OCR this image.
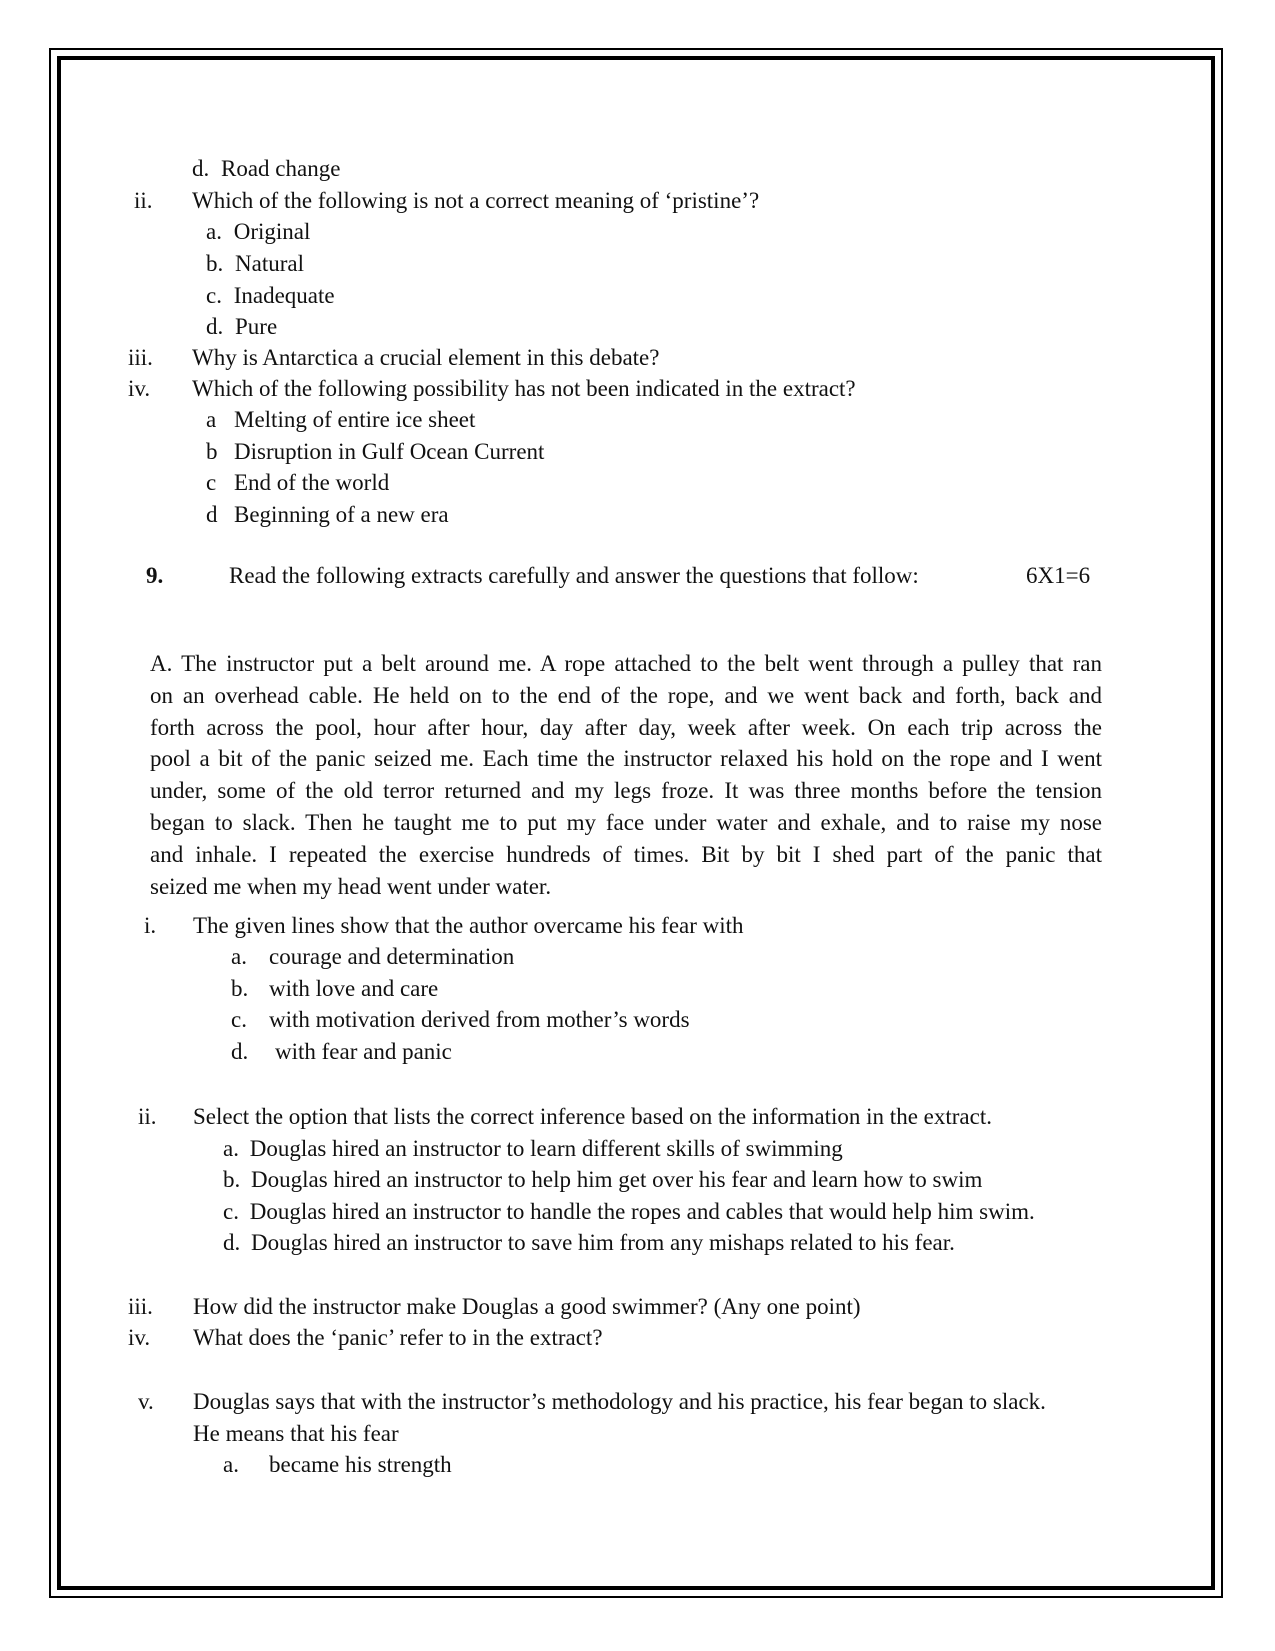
d. Road change
ii. Which of the following is not a correct meaning of ‘pristine’?
a. Original
b. Natural
c. Inadequate
d. Pure
iii. Why is Antarctica a crucial element in this debate?
iv. Which of the following possibility has not been indicated in the extract?
a Melting of entire ice sheet
b Disruption in Gulf Ocean Current
c End of the world
d Beginning of a new era
9.	Read the following extracts carefully and answer the questions that follow:	6X1=6
A. The instructor put a belt around me. A rope attached to the belt went through a pulley that ran
on an overhead cable. He held on to the end of the rope, and we went back and forth, back and
forth across the pool, hour after hour, day after day, week after week. On each trip across the
pool a bit of the panic seized me. Each time the instructor relaxed his hold on the rope and I went
under, some of the old terror returned and my legs froze. It was three months before the tension
began to slack. Then he taught me to put my face under water and exhale, and to raise my nose
and inhale. I repeated the exercise hundreds of times. Bit by bit I shed part of the panic that
seized me when my head went under water.
i. The given lines show that the author overcame his fear with
a. courage and determination
b. with love and care
c. with motivation derived from mother’s words
d. with fear and panic
ii. Select the option that lists the correct inference based on the information in the extract.
a. Douglas hired an instructor to learn different skills of swimming
b. Douglas hired an instructor to help him get over his fear and learn how to swim
c. Douglas hired an instructor to handle the ropes and cables that would help him swim.
d. Douglas hired an instructor to save him from any mishaps related to his fear.
iii. How did the instructor make Douglas a good swimmer? (Any one point)
iv. What does the ‘panic’ refer to in the extract?
v. Douglas says that with the instructor’s methodology and his practice, his fear began to slack.
He means that his fear
a. became his strength
